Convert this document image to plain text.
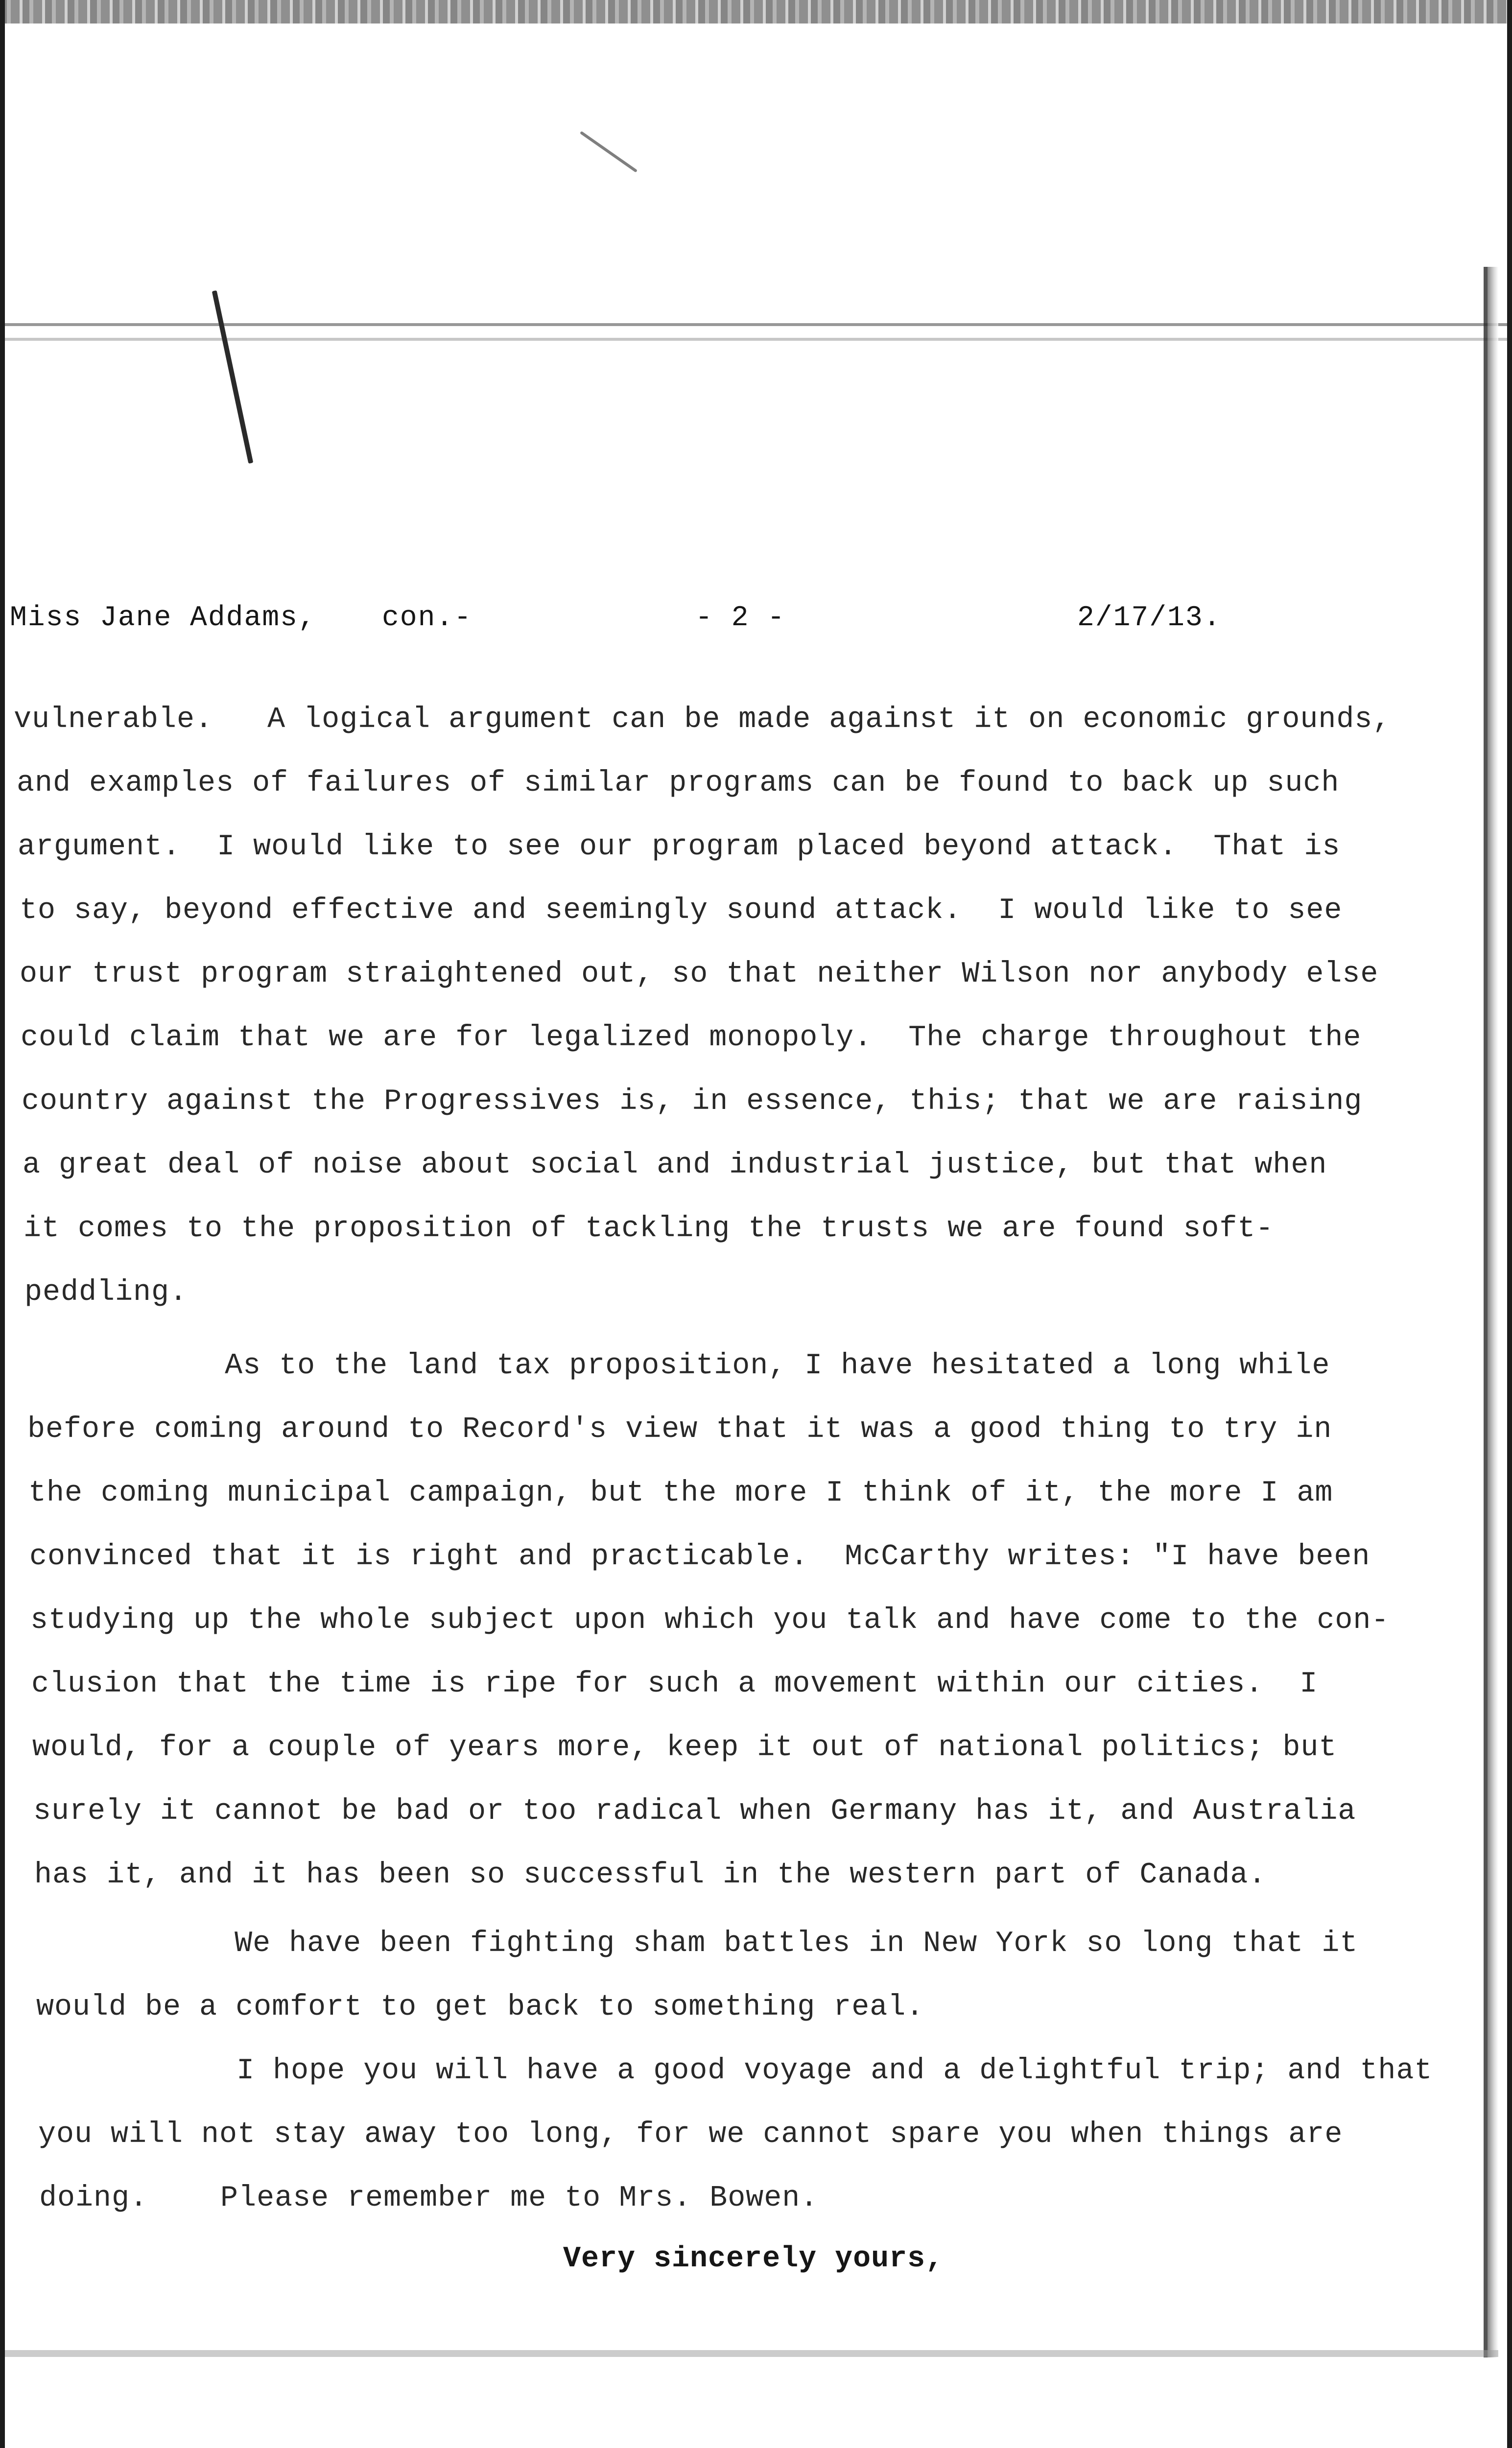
Miss Jane Addams, con.-	- 2 -	2/17/13.
vulnerable.   A logical argument can be made against it on economic grounds,
and examples of failures of similar programs can be found to back up such
argument.  I would like to see our program placed beyond attack.  That is
to say, beyond effective and seemingly sound attack.  I would like to see
our trust program straightened out, so that neither Wilson nor anybody else
could claim that we are for legalized monopoly.  The charge throughout the
country against the Progressives is, in essence, this; that we are raising
a great deal of noise about social and industrial justice, but that when
it comes to the proposition of tackling the trusts we are found soft-
peddling.
As to the land tax proposition, I have hesitated a long while
before coming around to Record's view that it was a good thing to try in
the coming municipal campaign, but the more I think of it, the more I am
convinced that it is right and practicable.  McCarthy writes: "I have been
studying up the whole subject upon which you talk and have come to the con-
clusion that the time is ripe for such a movement within our cities.  I
would, for a couple of years more, keep it out of national politics; but
surely it cannot be bad or too radical when Germany has it, and Australia
has it, and it has been so successful in the western part of Canada.
We have been fighting sham battles in New York so long that it
would be a comfort to get back to something real.
I hope you will have a good voyage and a delightful trip; and that
you will not stay away too long, for we cannot spare you when things are
doing.    Please remember me to Mrs. Bowen.
Very sincerely yours,
